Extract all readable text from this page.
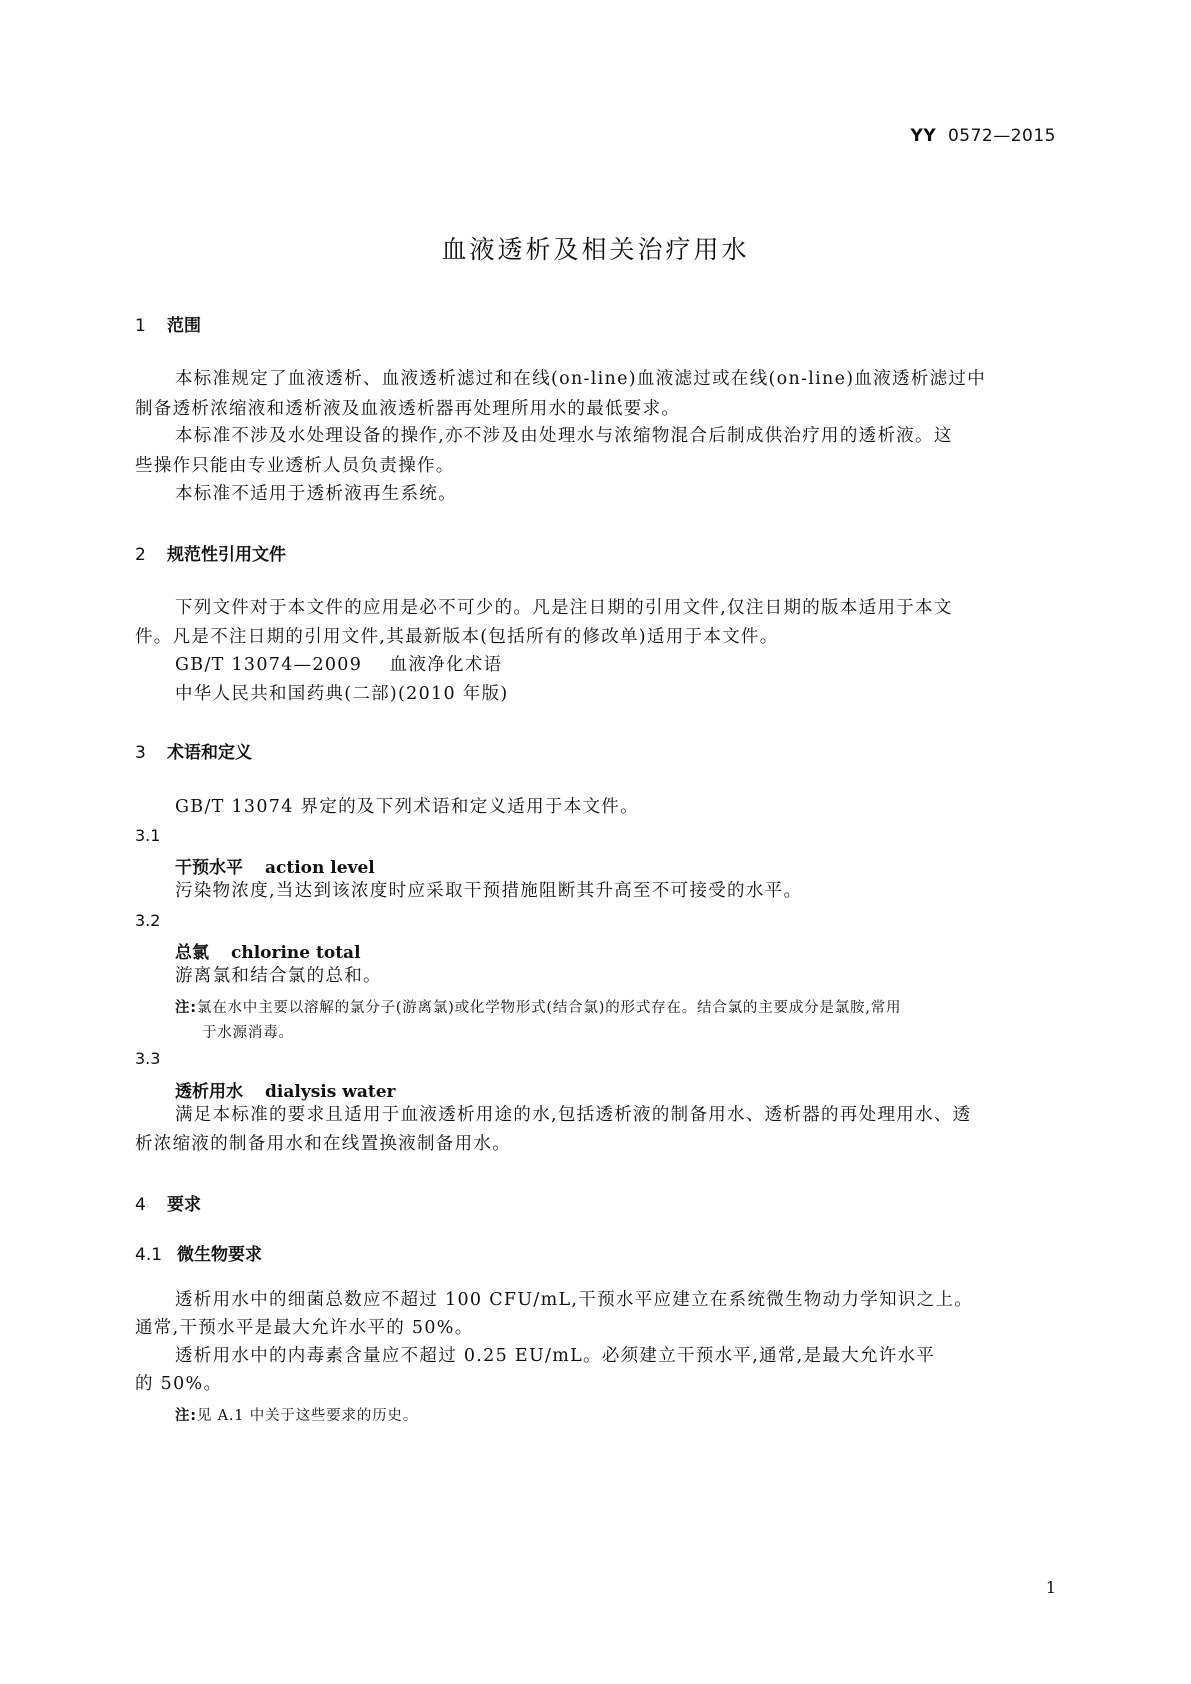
YY 0572—2015
血液透析及相关治疗用水
1 范围
本标准规定了血液透析、血液透析滤过和在线(on-line)血液滤过或在线(on-line)血液透析滤过中
制备透析浓缩液和透析液及血液透析器再处理所用水的最低要求。
本标准不涉及水处理设备的操作,亦不涉及由处理水与浓缩物混合后制成供治疗用的透析液。这
些操作只能由专业透析人员负责操作。
本标准不适用于透析液再生系统。
2 规范性引用文件
下列文件对于本文件的应用是必不可少的。凡是注日期的引用文件,仅注日期的版本适用于本文
件。凡是不注日期的引用文件,其最新版本(包括所有的修改单)适用于本文件。
GB/T 13074—2009 血液净化术语
中华人民共和国药典(二部)(2010 年版)
3 术语和定义
GB/T 13074 界定的及下列术语和定义适用于本文件。
3.1
干预水平 action level
污染物浓度,当达到该浓度时应采取干预措施阻断其升高至不可接受的水平。
3.2
总氯 chlorine total
游离氯和结合氯的总和。
注:氯在水中主要以溶解的氯分子(游离氯)或化学物形式(结合氯)的形式存在。结合氯的主要成分是氯胺,常用
于水源消毒。
3.3
透析用水 dialysis water
满足本标准的要求且适用于血液透析用途的水,包括透析液的制备用水、透析器的再处理用水、透
析浓缩液的制备用水和在线置换液制备用水。
4 要求
4.1 微生物要求
透析用水中的细菌总数应不超过 100 CFU/mL,干预水平应建立在系统微生物动力学知识之上。
通常,干预水平是最大允许水平的 50%。
透析用水中的内毒素含量应不超过 0.25 EU/mL。必须建立干预水平,通常,是最大允许水平
的 50%。
注:见 A.1 中关于这些要求的历史。
1
